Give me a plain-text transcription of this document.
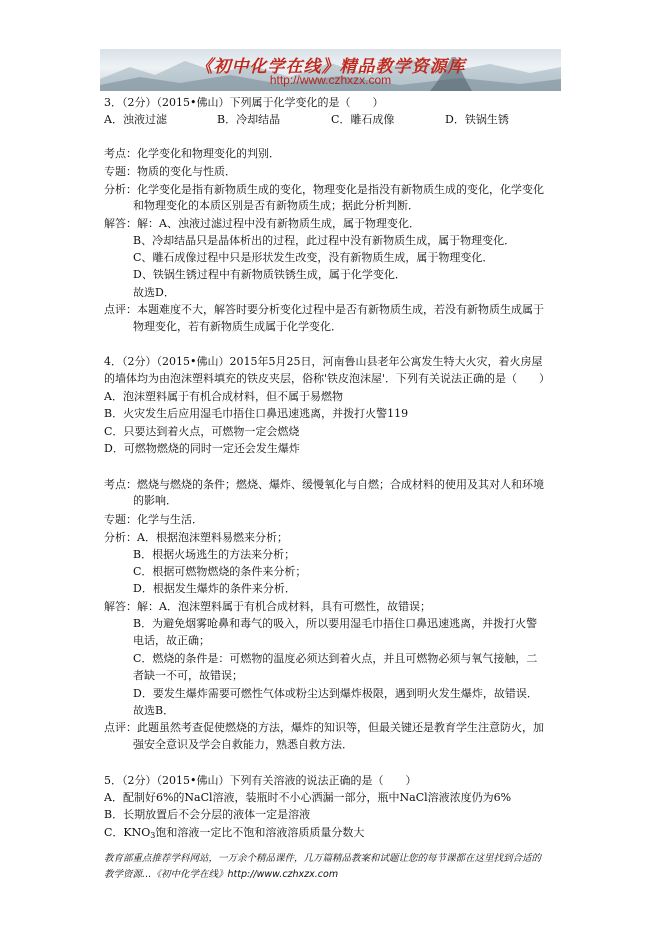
《初中化学在线》精品教学资源库
http://www.czhxzx.com
3．（2分）（2015•佛山）下列属于化学变化的是（　　）
A．浊液过滤	B．冷却结晶	C．雕石成像	D．铁锅生锈
考点：化学变化和物理变化的判别．
专题：物质的变化与性质．
分析：化学变化是指有新物质生成的变化，物理变化是指没有新物质生成的变化，化学变化
和物理变化的本质区别是否有新物质生成；据此分析判断．
解答：解：A、浊液过滤过程中没有新物质生成，属于物理变化．
B、冷却结晶只是晶体析出的过程，此过程中没有新物质生成，属于物理变化．
C、雕石成像过程中只是形状发生改变，没有新物质生成，属于物理变化．
D、铁锅生锈过程中有新物质铁锈生成，属于化学变化．
故选D．
点评：本题难度不大，解答时要分析变化过程中是否有新物质生成，若没有新物质生成属于
物理变化，若有新物质生成属于化学变化．
4．（2分）（2015•佛山）2015年5月25日，河南鲁山县老年公寓发生特大火灾，着火房屋
的墙体均为由泡沫塑料填充的铁皮夹层，俗称'铁皮泡沫屋'．下列有关说法正确的是（　　）
A．泡沫塑料属于有机合成材料，但不属于易燃物
B．火灾发生后应用湿毛巾捂住口鼻迅速逃离，并拨打火警119
C．只要达到着火点，可燃物一定会燃烧
D．可燃物燃烧的同时一定还会发生爆炸
考点：燃烧与燃烧的条件；燃烧、爆炸、缓慢氧化与自燃；合成材料的使用及其对人和环境
的影响．
专题：化学与生活．
分析：A．根据泡沫塑料易燃来分析；
B．根据火场逃生的方法来分析；
C．根据可燃物燃烧的条件来分析；
D．根据发生爆炸的条件来分析．
解答：解：A．泡沫塑料属于有机合成材料，具有可燃性，故错误；
B．为避免烟雾呛鼻和毒气的吸入，所以要用湿毛巾捂住口鼻迅速逃离，并拨打火警
电话，故正确；
C．燃烧的条件是：可燃物的温度必须达到着火点，并且可燃物必须与氧气接触，二
者缺一不可，故错误；
D．要发生爆炸需要可燃性气体或粉尘达到爆炸极限，遇到明火发生爆炸，故错误．
故选B．
点评：此题虽然考查促使燃烧的方法，爆炸的知识等，但最关键还是教育学生注意防火，加
强安全意识及学会自救能力，熟悉自救方法．
5．（2分）（2015•佛山）下列有关溶液的说法正确的是（　　）
A．配制好6%的NaCl溶液，装瓶时不小心洒漏一部分，瓶中NaCl溶液浓度仍为6%
B．长期放置后不会分层的液体一定是溶液
C．$KNO_3$饱和溶液一定比不饱和溶液溶质质量分数大
教育部重点推荐学科网站，一万余个精品课件，几万篇精品教案和试题让您的每节课都在这里找到合适的
教学资源…《初中化学在线》http://www.czhxzx.com
